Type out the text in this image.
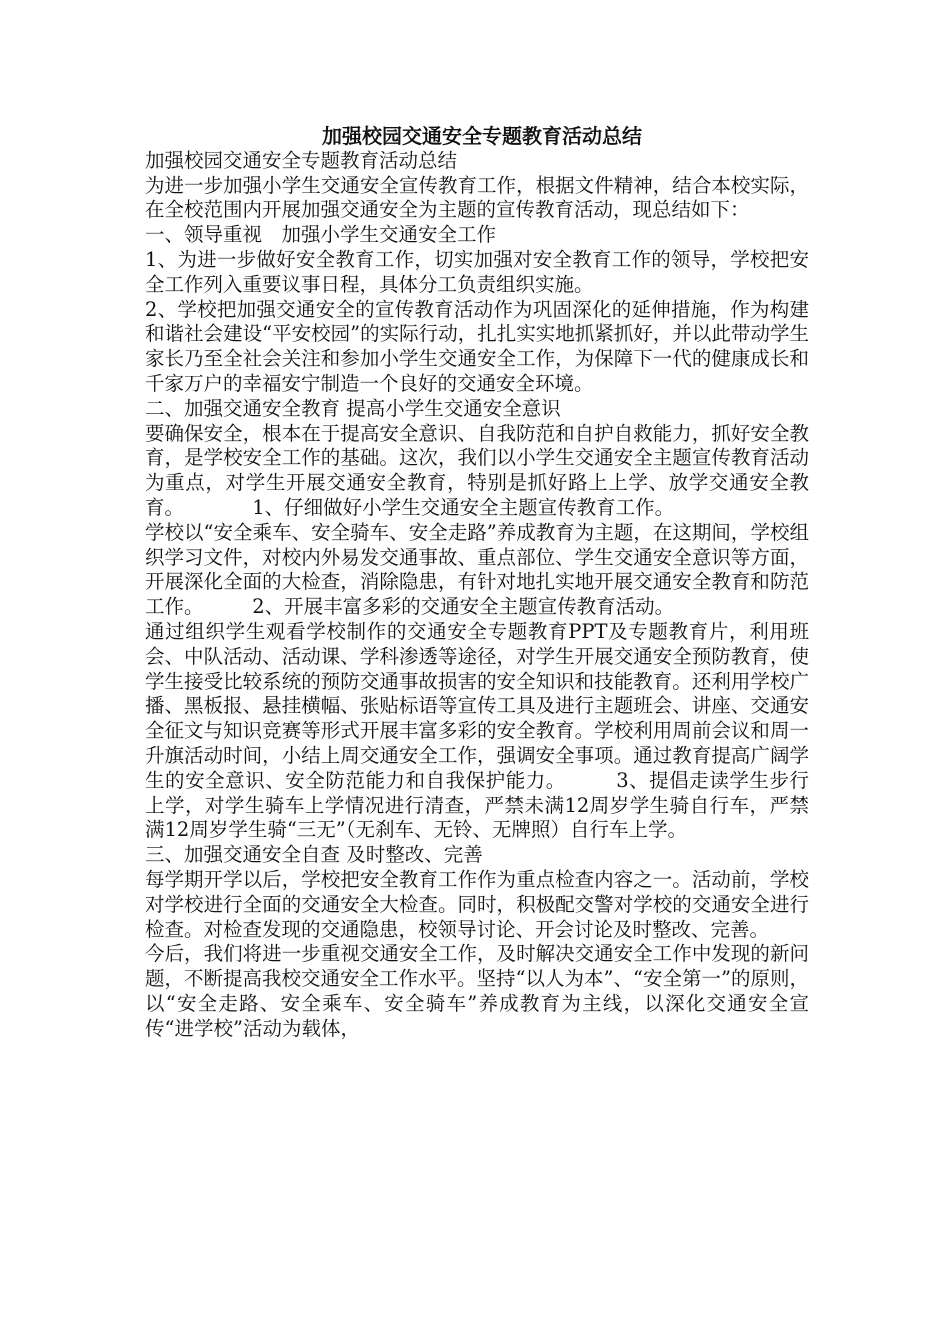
加强校园交通安全专题教育活动总结

加强校园交通安全专题教育活动总结

为进一步加强小学生交通安全宣传教育工作，根据文件精神，结合本校实际，在全校范围内开展加强交通安全为主题的宣传教育活动，现总结如下：

一、领导重视　加强小学生交通安全工作

1、为进一步做好安全教育工作，切实加强对安全教育工作的领导，学校把安全工作列入重要议事日程，具体分工负责组织实施。

2、学校把加强交通安全的宣传教育活动作为巩固深化的延伸措施，作为构建和谐社会建设“平安校园”的实际行动，扎扎实实地抓紧抓好，并以此带动学生家长乃至全社会关注和参加小学生交通安全工作，为保障下一代的健康成长和千家万户的幸福安宁制造一个良好的交通安全环境。

二、加强交通安全教育 提高小学生交通安全意识

要确保安全，根本在于提高安全意识、自我防范和自护自救能力，抓好安全教育，是学校安全工作的基础。这次，我们以小学生交通安全主题宣传教育活动为重点，对学生开展交通安全教育，特别是抓好路上上学、放学交通安全教育。　　　　1、仔细做好小学生交通安全主题宣传教育工作。

学校以“安全乘车、安全骑车、安全走路”养成教育为主题，在这期间，学校组织学习文件，对校内外易发交通事故、重点部位、学生交通安全意识等方面，开展深化全面的大检查，消除隐患，有针对地扎实地开展交通安全教育和防范工作。　　　2、开展丰富多彩的交通安全主题宣传教育活动。

通过组织学生观看学校制作的交通安全专题教育PPT及专题教育片，利用班会、中队活动、活动课、学科渗透等途径，对学生开展交通安全预防教育，使学生接受比较系统的预防交通事故损害的安全知识和技能教育。还利用学校广播、黑板报、悬挂横幅、张贴标语等宣传工具及进行主题班会、讲座、交通安全征文与知识竞赛等形式开展丰富多彩的安全教育。学校利用周前会议和周一升旗活动时间，小结上周交通安全工作，强调安全事项。通过教育提高广阔学生的安全意识、安全防范能力和自我保护能力。　　　3、提倡走读学生步行上学，对学生骑车上学情况进行清查，严禁未满12周岁学生骑自行车，严禁满12周岁学生骑“三无”（无刹车、无铃、无牌照）自行车上学。

三、加强交通安全自查 及时整改、完善

每学期开学以后，学校把安全教育工作作为重点检查内容之一。活动前，学校对学校进行全面的交通安全大检查。同时，积极配交警对学校的交通安全进行检查。对检查发现的交通隐患，校领导讨论、开会讨论及时整改、完善。

今后，我们将进一步重视交通安全工作，及时解决交通安全工作中发现的新问题，不断提高我校交通安全工作水平。坚持“以人为本”、“安全第一”的原则，以“安全走路、安全乘车、安全骑车”养成教育为主线，以深化交通安全宣传“进学校”活动为载体，
